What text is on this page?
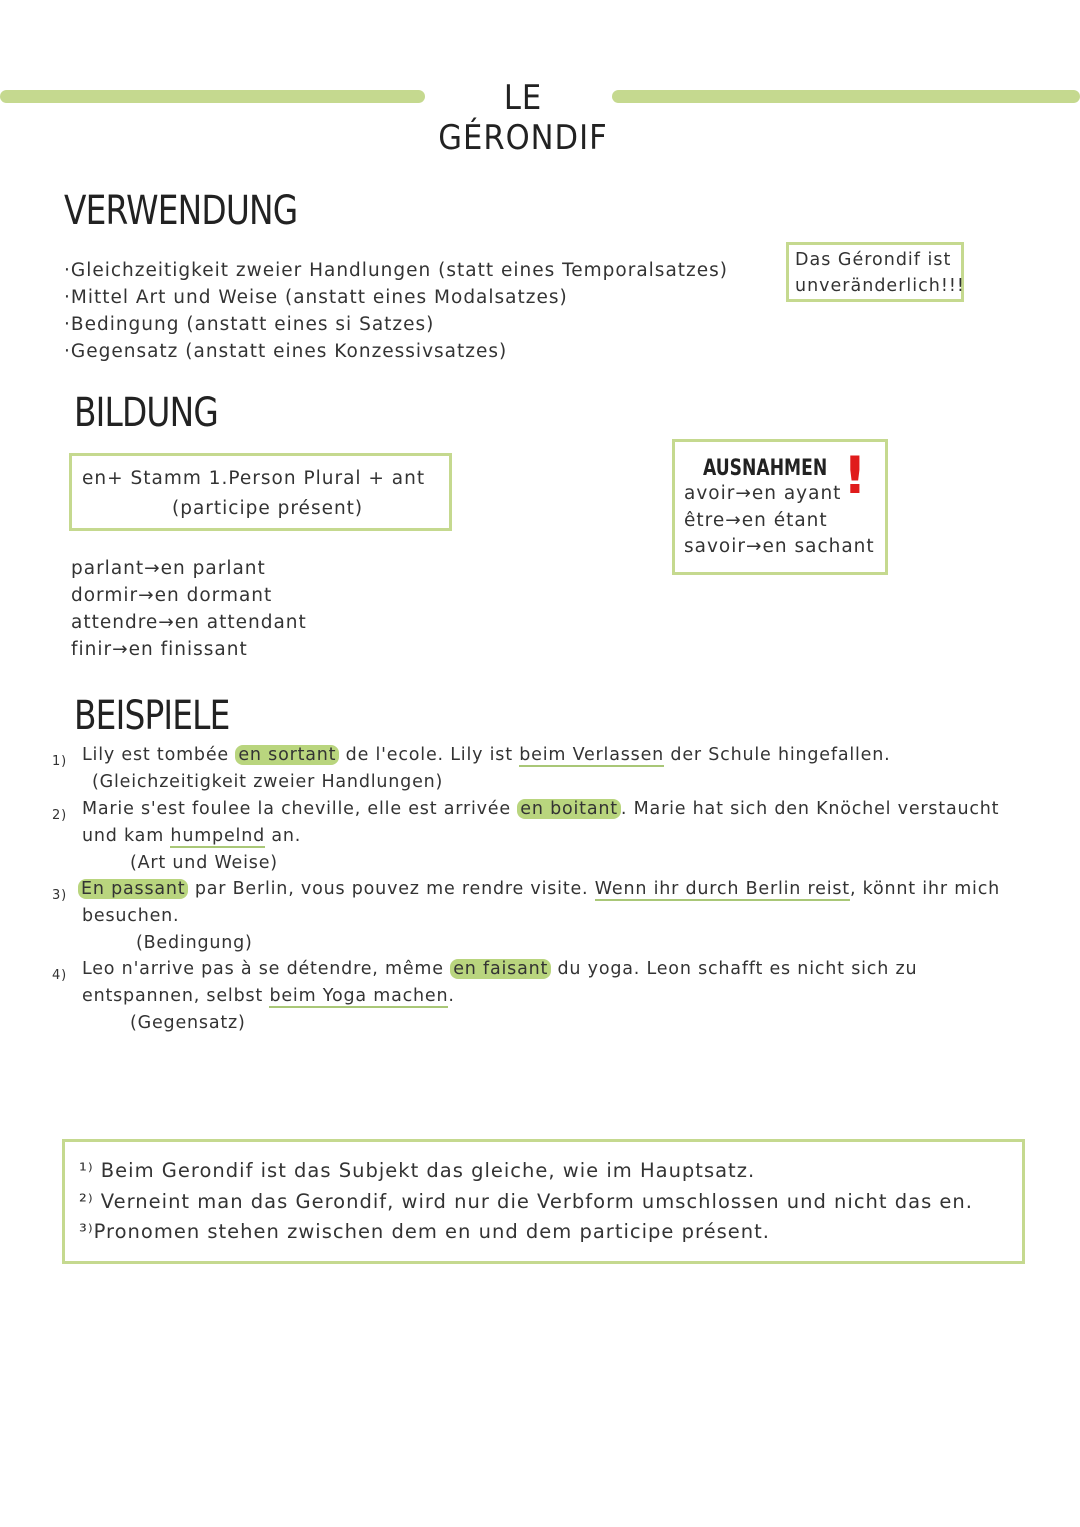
LE GÉRONDIF
VERWENDUNG
·Gleichzeitigkeit zweier Handlungen (statt eines Temporalsatzes)
·Mittel Art und Weise (anstatt eines Modalsatzes)
·Bedingung (anstatt eines si Satzes)
·Gegensatz (anstatt eines Konzessivsatzes)
Das Gérondif ist
unveränderlich!!!
BILDUNG
en+ Stamm 1.Person Plural + ant
(participe présent)
parlant→en parlant
dormir→en dormant
attendre→en attendant
finir→en finissant
AUSNAHMEN !
avoir→en ayant
être→en étant
savoir→en sachant
BEISPIELE
1) Lily est tombée en sortant de l'ecole. Lily ist beim Verlassen der Schule hingefallen.
(Gleichzeitigkeit zweier Handlungen)
2) Marie s'est foulee la cheville, elle est arrivée en boitant . Marie hat sich den Knöchel verstaucht
und kam humpelnd an.
(Art und Weise)
3) En passant par Berlin, vous pouvez me rendre visite. Wenn ihr durch Berlin reist, könnt ihr mich
besuchen.
(Bedingung)
4) Leo n'arrive pas à se détendre, même en faisant du yoga. Leon schafft es nicht sich zu
entspannen, selbst beim Yoga machen.
(Gegensatz)
¹⁾ Beim Gerondif ist das Subjekt das gleiche, wie im Hauptsatz.
²⁾ Verneint man das Gerondif, wird nur die Verbform umschlossen und nicht das en.
³⁾Pronomen stehen zwischen dem en und dem participe présent.
